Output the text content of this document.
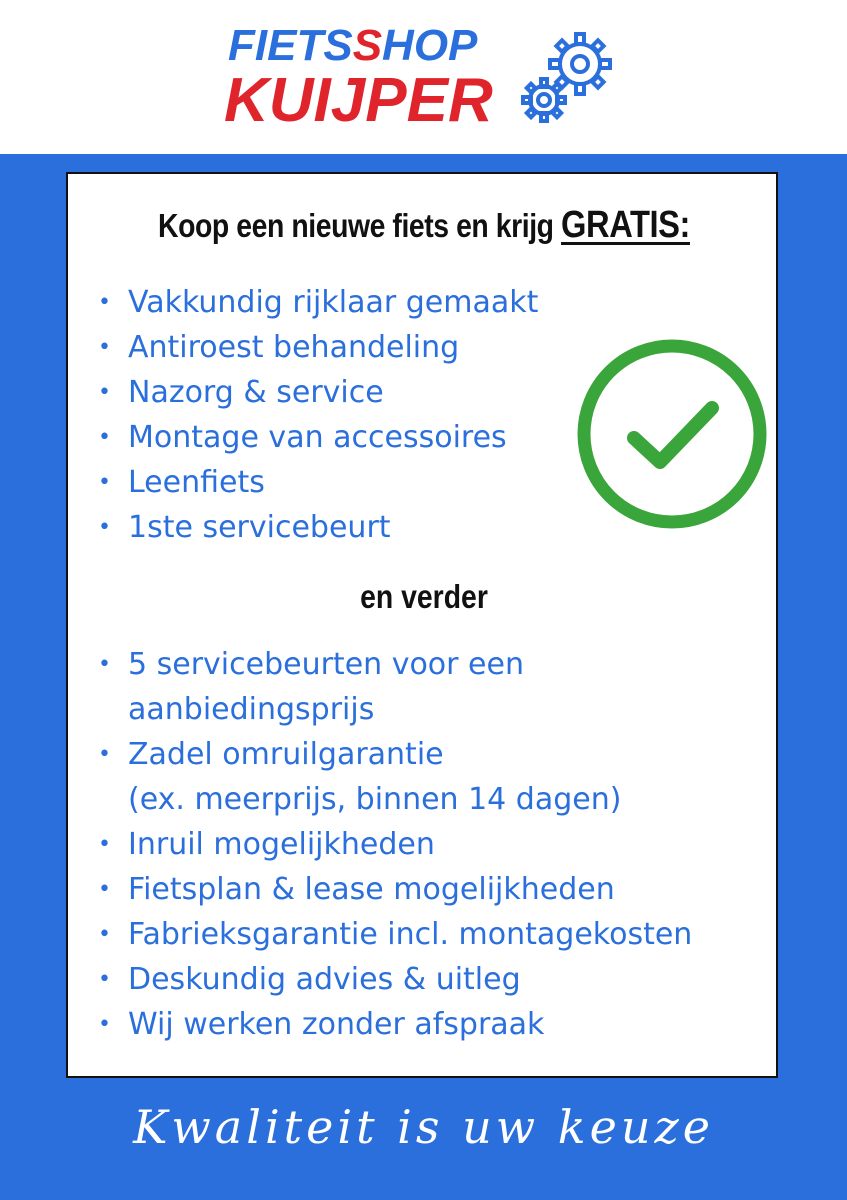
FIETSSHOP
KUIJPER
Koop een nieuwe fiets en krijg GRATIS:
• Vakkundig rijklaar gemaakt
• Antiroest behandeling
• Nazorg & service
• Montage van accessoires
• Leenfiets
• 1ste servicebeurt
en verder
• 5 servicebeurten voor een
aanbiedingsprijs
• Zadel omruilgarantie
(ex. meerprijs, binnen 14 dagen)
• Inruil mogelijkheden
• Fietsplan & lease mogelijkheden
• Fabrieksgarantie incl. montagekosten
• Deskundig advies & uitleg
• Wij werken zonder afspraak
Kwaliteit is uw keuze
